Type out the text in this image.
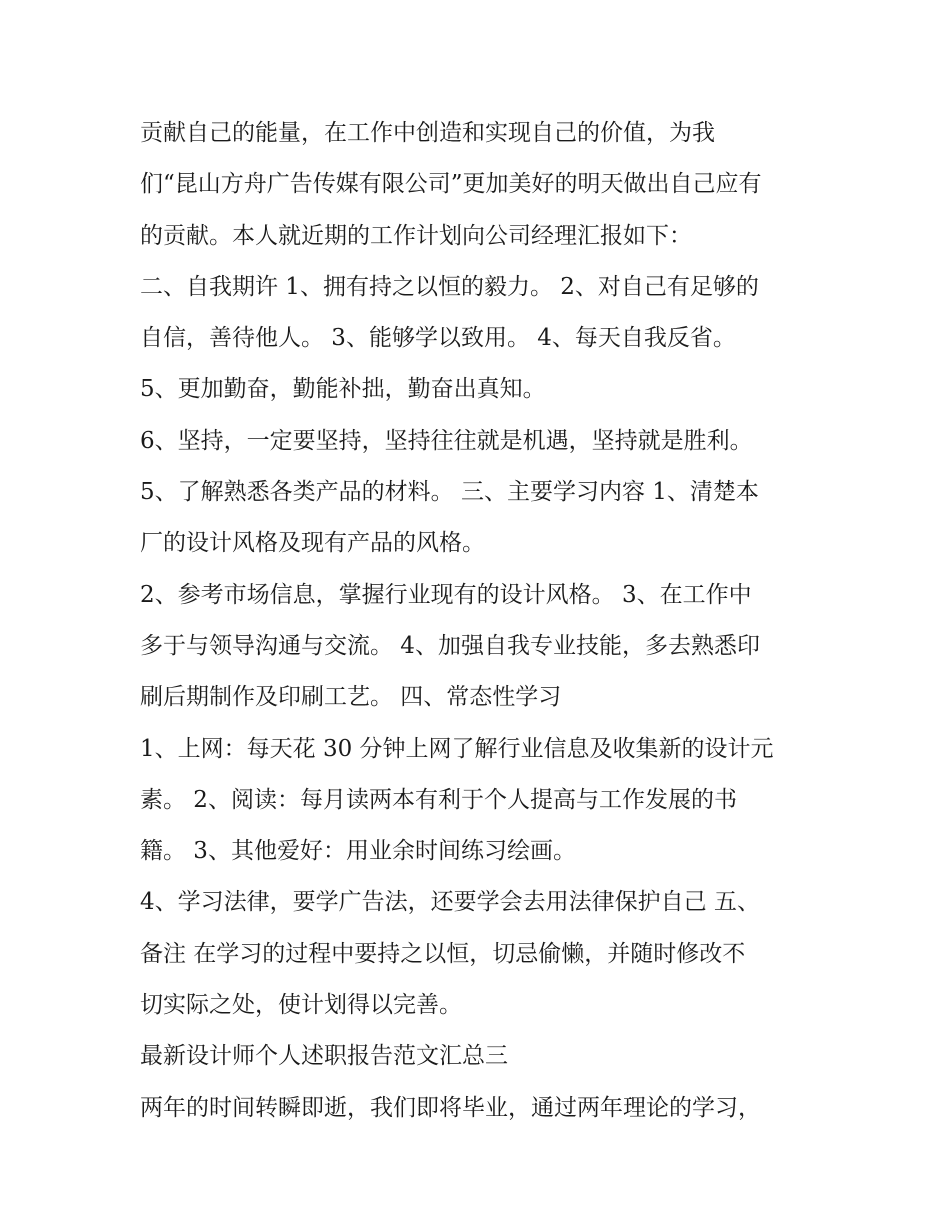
贡献自己的能量，在工作中创造和实现自己的价值，为我
们“昆山方舟广告传媒有限公司”更加美好的明天做出自己应有
的贡献。本人就近期的工作计划向公司经理汇报如下：
二、自我期许 1、拥有持之以恒的毅力。 2、对自己有足够的
自信，善待他人。 3、能够学以致用。 4、每天自我反省。
5、更加勤奋，勤能补拙，勤奋出真知。
6、坚持，一定要坚持，坚持往往就是机遇，坚持就是胜利。
5、了解熟悉各类产品的材料。 三、主要学习内容 1、清楚本
厂的设计风格及现有产品的风格。
2、参考市场信息，掌握行业现有的设计风格。 3、在工作中
多于与领导沟通与交流。 4、加强自我专业技能，多去熟悉印
刷后期制作及印刷工艺。 四、常态性学习
1、上网：每天花 30 分钟上网了解行业信息及收集新的设计元
素。 2、阅读：每月读两本有利于个人提高与工作发展的书
籍。 3、其他爱好：用业余时间练习绘画。
4、学习法律，要学广告法，还要学会去用法律保护自己 五、
备注 在学习的过程中要持之以恒，切忌偷懒，并随时修改不
切实际之处，使计划得以完善。
最新设计师个人述职报告范文汇总三
两年的时间转瞬即逝，我们即将毕业，通过两年理论的学习，
